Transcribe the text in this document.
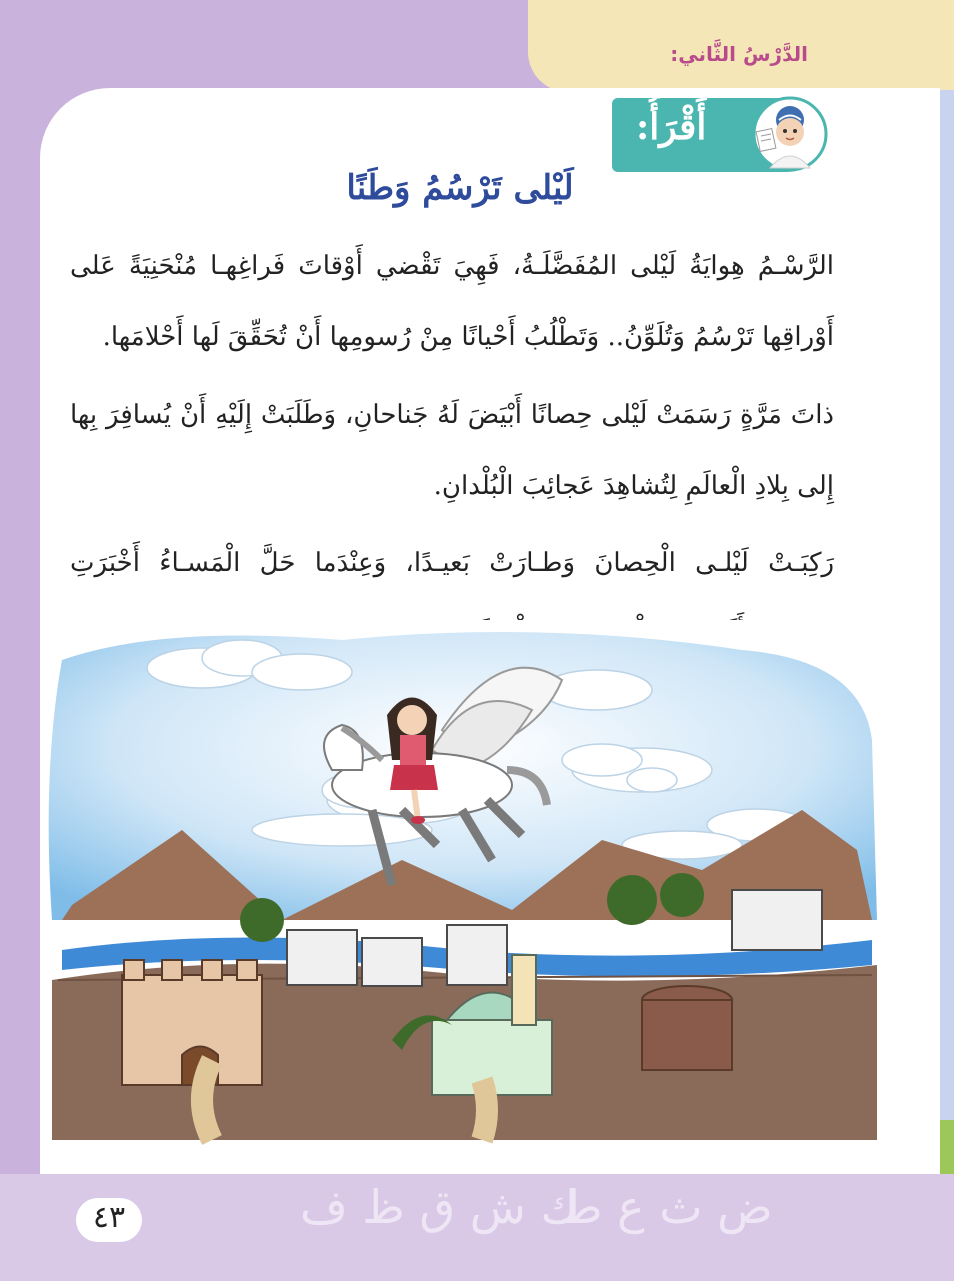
الدَّرْسُ الثَّاني:
أَقْرَأُ:
لَيْلى تَرْسُمُ وَطَنًا

الرَّسْـمُ هِوايَةُ لَيْلى المُفَضَّلَـةُ، فَهِيَ تَقْضي أَوْقاتَ فَراغِهـا مُنْحَنِيَةً عَلى أَوْراقِها تَرْسُمُ وَتُلَوِّنُ.. وَتَطْلُبُ أَحْيانًا مِنْ رُسومِها أَنْ تُحَقِّقَ لَها أَحْلامَها.

ذاتَ مَرَّةٍ رَسَمَتْ لَيْلى حِصانًا أَبْيَضَ لَهُ جَناحانِ، وَطَلَبَتْ إِلَيْهِ أَنْ يُسافِرَ بِها إِلى بِلادِ الْعالَمِ لِتُشاهِدَ عَجائِبَ الْبُلْدانِ.

رَكِبَـتْ لَيْلـى الْحِصانَ وَطـارَتْ بَعيـدًا، وَعِنْدَما حَلَّ الْمَسـاءُ أَخْبَرَتِ

ك ش ق ظ ف
ض ث ع ط
٤٣
